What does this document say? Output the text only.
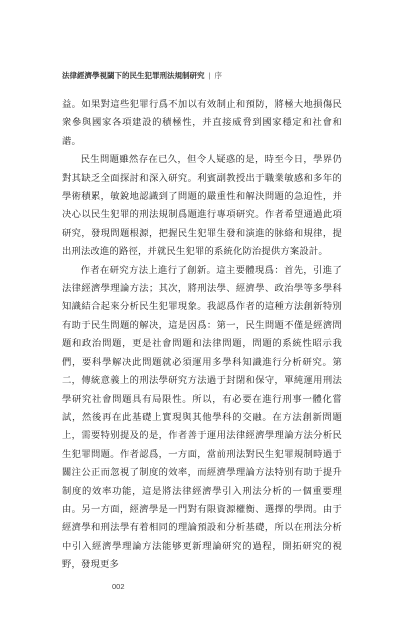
法律經濟學視閾下的民生犯罪刑法規制研究 | 序

益。如果對這些犯罪行爲不加以有效制止和預防，將極大地損傷民衆參與國家各項建設的積極性，并直接威脅到國家穩定和社會和諧。

民生問題雖然存在已久，但令人疑惑的是，時至今日，學界仍對其缺乏全面探討和深入研究。利賓副教授出于職業敏感和多年的學術積累，敏銳地認識到了問題的嚴重性和解決問題的急迫性，并决心以民生犯罪的刑法規制爲題進行專項研究。作者希望通過此項研究，發現問題根源，把握民生犯罪生發和演進的脉絡和規律，提出刑法改進的路徑，并就民生犯罪的系統化防治提供方案設計。

作者在研究方法上進行了創新。這主要體現爲：首先，引進了法律經濟學理論方法；其次，將刑法學、經濟學、政治學等多學科知識結合起來分析民生犯罪現象。我認爲作者的這種方法創新特別有助于民生問題的解决，這是因爲：第一，民生問題不僅是經濟問題和政治問題，更是社會問題和法律問題，問題的系統性昭示我們，要科學解决此問題就必須運用多學科知識進行分析研究。第二，傳統意義上的刑法學研究方法過于封閉和保守，單純運用刑法學研究社會問題具有局限性。所以，有必要在進行刑事一體化嘗試，然後再在此基礎上實現與其他學科的交融。在方法創新問題上，需要特别提及的是，作者善于運用法律經濟學理論方法分析民生犯罪問題。作者認爲，一方面，當前刑法對民生犯罪規制時過于關注公正而忽視了制度的效率，而經濟學理論方法特别有助于提升制度的效率功能，這是將法律經濟學引入刑法分析的一個重要理由。另一方面，經濟學是一門對有限資源權衡、選擇的學問。由于經濟學和刑法學有着相同的理論預設和分析基礎，所以在刑法分析中引入經濟學理論方法能够更新理論研究的過程，開拓研究的視野，發現更多

002
